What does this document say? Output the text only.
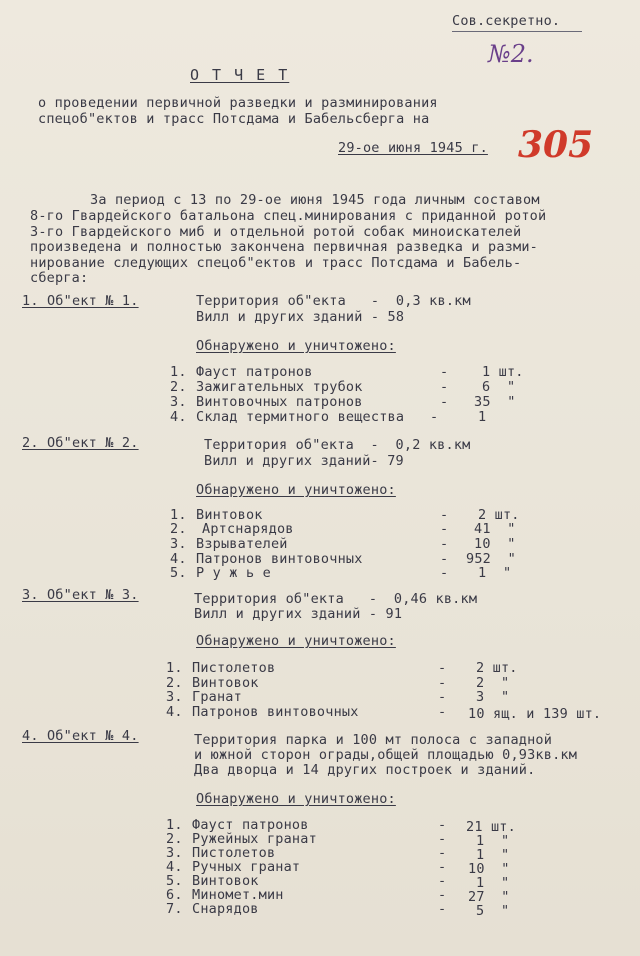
Сов.секретно.
№2.
О Т Ч Е Т
о проведении первичной разведки и разминирования
спецоб"ектов и трасс Потсдама и Бабельсберга на
29-ое июня 1945 г. 305
За период с 13 по 29-ое июня 1945 года личным составом
8-го Гвардейского батальона спец.минирования с приданной ротой
3-го Гвардейского миб и отдельной ротой собак миноискателей
произведена и полностью закончена первичная разведка и разми-
нирование следующих спецоб"ектов и трасс Потсдама и Бабель-
сберга:
1. Об"ект № 1.	Территория об"екта   -  0,3 кв.км
Вилл и других зданий - 58
Обнаружено и уничтожено:
1. Фауст патронов	- 1 шт.
2. Зажигательных трубок	- 6  "
3. Винтовочных патронов	- 35  "
4. Склад термитного вещества -	1
2. Об"ект № 2.	Территория об"екта  -  0,2 кв.км
Вилл и других зданий- 79
Обнаружено и уничтожено:
1. Винтовок	- 2 шт.
2. Артснарядов	- 41  "
3. Взрывателей	- 10  "
4. Патронов винтовочных	- 952  "
5. Р у ж ь е	- 1  "
3. Об"ект № 3.	Территория об"екта   -  0,46 кв.км
Вилл и других зданий - 91
Обнаружено и уничтожено:
1. Пистолетов	- 2 шт.
2. Винтовок	- 2  "
3. Гранат	- 3  "
4. Патронов винтовочных	- 10 ящ. и 139 шт.
4. Об"ект № 4.	Территория парка и 100 мт полоса с западной
и южной сторон ограды,общей площадью 0,93кв.км
Два дворца и 14 других построек и зданий.
Обнаружено и уничтожено:
1. Фауст патронов	- 21 шт.
2. Ружейных гранат	- 1  "
3. Пистолетов	- 1  "
4. Ручных гранат	- 10  "
5. Винтовок	- 1  "
6. Миномет.мин	- 27  "
7. Снарядов	- 5  "
